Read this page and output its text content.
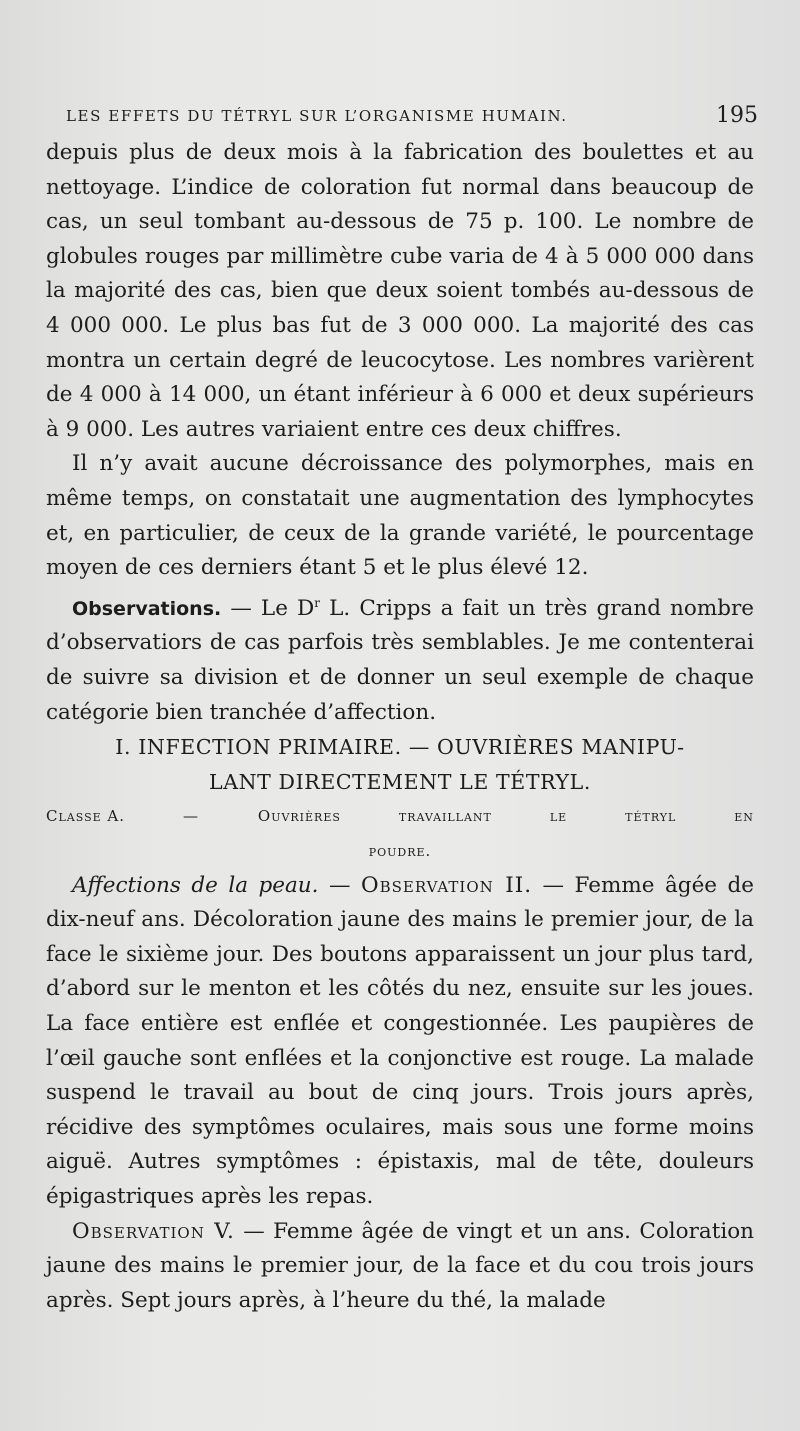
LES EFFETS DU TÉTRYL SUR L’ORGANISME HUMAIN.	195

depuis plus de deux mois à la fabrication des boulettes et au nettoyage. L’indice de coloration fut normal dans beaucoup de cas, un seul tombant au-dessous de 75 p. 100. Le nombre de globules rouges par millimètre cube varia de 4 à 5 000 000 dans la majorité des cas, bien que deux soient tombés au-dessous de 4 000 000. Le plus bas fut de 3 000 000. La majorité des cas montra un certain degré de leucocytose. Les nombres varièrent de 4 000 à 14 000, un étant inférieur à 6 000 et deux supérieurs à 9 000. Les autres variaient entre ces deux chiffres.

Il n’y avait aucune décroissance des polymorphes, mais en même temps, on constatait une augmentation des lymphocytes et, en particulier, de ceux de la grande variété, le pourcentage moyen de ces derniers étant 5 et le plus élevé 12.

Observations. — Le $D^r$ L. Cripps a fait un très grand nombre d’observatiors de cas parfois très semblables. Je me contenterai de suivre sa division et de donner un seul exemple de chaque catégorie bien tranchée d’affection.

I. INFECTION PRIMAIRE. — OUVRIÈRES MANIPU-
LANT DIRECTEMENT LE TÉTRYL.
Classe A.	—	Ouvrières	travaillant	le	tétryl	en
poudre.

Affections de la peau. — Observation II. — Femme âgée de dix-neuf ans. Décoloration jaune des mains le premier jour, de la face le sixième jour. Des boutons apparaissent un jour plus tard, d’abord sur le menton et les côtés du nez, ensuite sur les joues. La face entière est enflée et congestionnée. Les paupières de l’œil gauche sont enflées et la conjonctive est rouge. La malade suspend le travail au bout de cinq jours. Trois jours après, récidive des symptômes oculaires, mais sous une forme moins aiguë. Autres symptômes : épistaxis, mal de tête, douleurs épigastriques après les repas.

Observation V. — Femme âgée de vingt et un ans. Coloration jaune des mains le premier jour, de la face et du cou trois jours après. Sept jours après, à l’heure du thé, la malade
